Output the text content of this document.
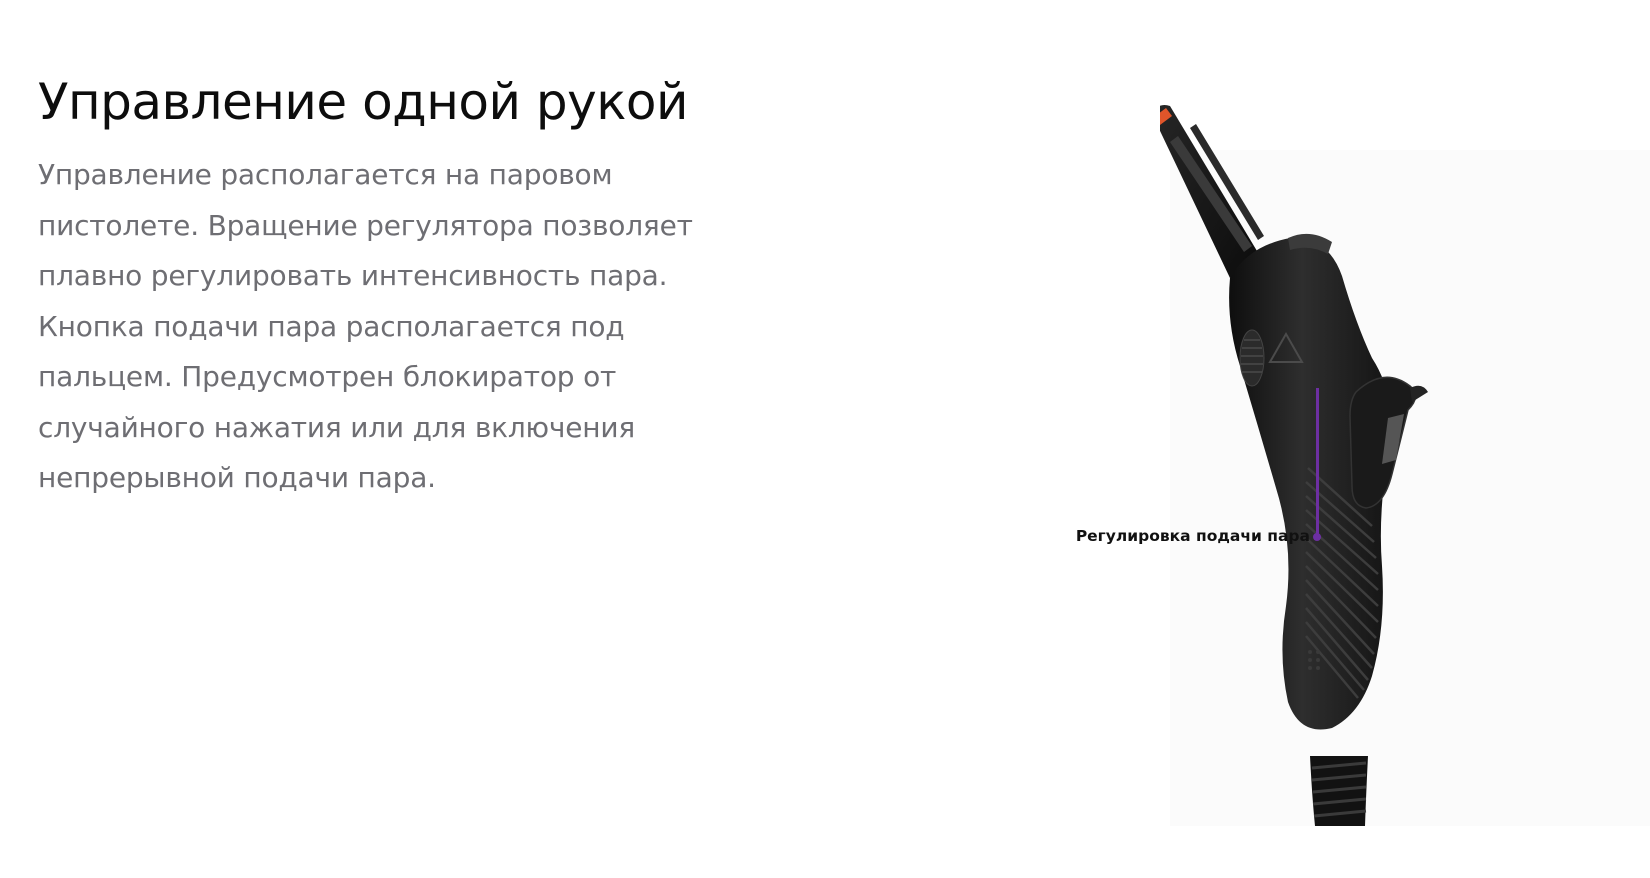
Управление одной рукой

Управление располагается на паровом
пистолете. Вращение регулятора позволяет
плавно регулировать интенсивность пара.
Кнопка подачи пара располагается под
пальцем. Предусмотрен блокиратор от
случайного нажатия или для включения
непрерывной подачи пара.

Регулировка подачи пара
